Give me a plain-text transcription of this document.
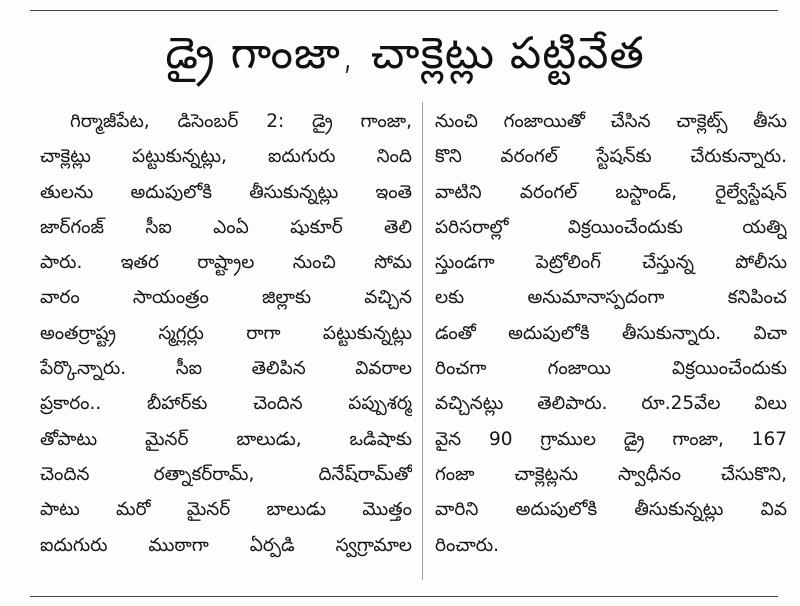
డ్రై గాంజా, చాక్లెట్లు పట్టివేత
గిర్మాజీపేట, డిసెంబర్ 2: డ్రై గాంజా,
చాక్లెట్లు పట్టుకున్నట్లు, ఐదుగురు నింది
తులను అదుపులోకి తీసుకున్నట్లు ఇంతె
జార్‌గంజ్ సీఐ ఎంఏ షుకూర్ తెలి
పారు. ఇతర రాష్ట్రాల నుంచి సోమ
వారం సాయంత్రం జిల్లాకు వచ్చిన
అంతర్రాష్ట్ర స్మగ్లర్లు రాగా పట్టుకున్నట్లు
పేర్కొన్నారు. సీఐ తెలిపిన వివరాల
ప్రకారం.. బీహార్‌కు చెందిన పప్పుశర్మ
తోపాటు మైనర్ బాలుడు, ఒడిషాకు
చెందిన రత్నాకర్‌రామ్, దినేష్‌రామ్‌తో
పాటు మరో మైనర్ బాలుడు మొత్తం
ఐదుగురు ముఠాగా ఏర్పడి స్వగ్రామాల
నుంచి గంజాయితో చేసిన చాక్లెట్స్ తీసు
కొని వరంగల్ స్టేషన్‌కు చేరుకున్నారు.
వాటిని వరంగల్ బస్టాండ్, రైల్వేస్టేషన్
పరిసరాల్లో విక్రయించేందుకు యత్ని
స్తుండగా పెట్రోలింగ్ చేస్తున్న పోలీసు
లకు అనుమానాస్పదంగా కనిపించ
డంతో అదుపులోకి తీసుకున్నారు. విచా
రించగా గంజాయి విక్రయించేందుకు
వచ్చినట్లు తెలిపారు. రూ.25వేల విలు
వైన 90 గ్రాముల డ్రై గాంజా, 167
గంజా చాక్లెట్లను స్వాధీనం చేసుకొని,
వారిని అదుపులోకి తీసుకున్నట్లు వివ
రించారు.
